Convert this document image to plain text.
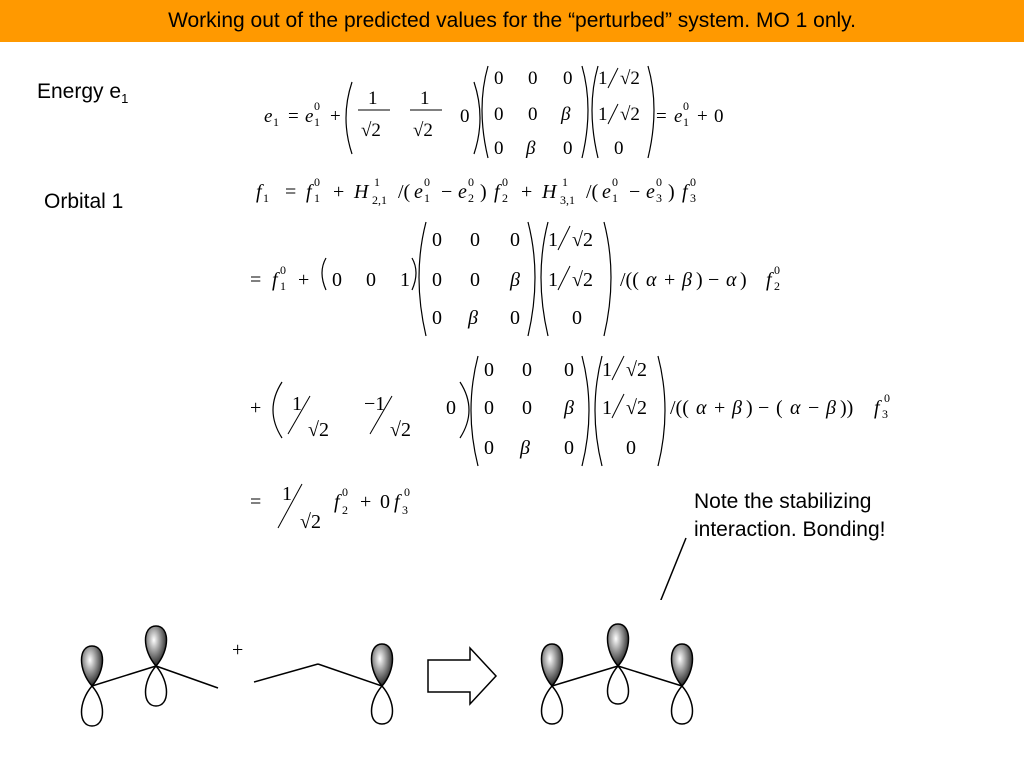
Working out of the predicted values for the “perturbed” system. MO 1 only.
Energy $e_1$
Orbital 1
Note the stabilizing
interaction. Bonding!
e 1 = e 1
0 +
1
√2
1
√2
0
0 0 0
0 0 β
0 β 0
1 √2
1 √2
0
= e 1
0 + 0
f 1 = f 1
0 + H 2,1
1 /( e 1
0 − e 2
0 ) f 2
0 + H 3,1
1 /( e 1
0 − e 3
0 ) f 3
0
= f 1
0 + 0 0 1
0 0 0
0 0 β
0 β 0
1 √2
1 √2
0
/(( α + β ) − α ) f 2
0
+ 1
√2
−1
√2
0
0 0 0
0 0 β
0 β 0
1 √2
1 √2
0
/(( α + β ) − ( α − β )) f 3
0
= 1
√2
f 2
0 + 0 f 3
0
+
